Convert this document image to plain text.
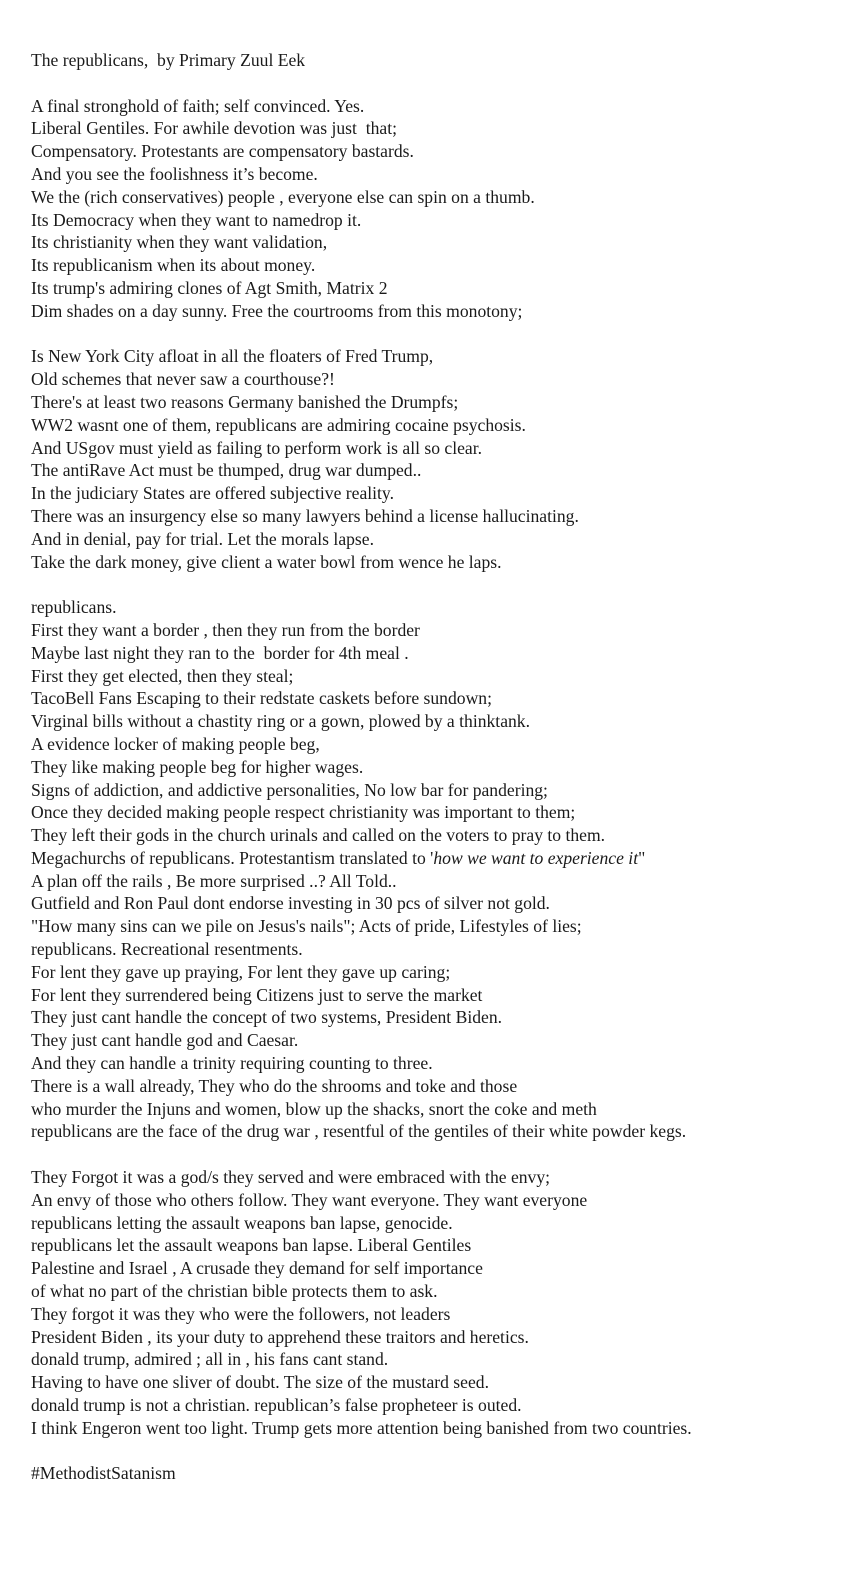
The republicans,  by Primary Zuul Eek
A final stronghold of faith; self convinced. Yes.
Liberal Gentiles. For awhile devotion was just  that;
Compensatory. Protestants are compensatory bastards.
And you see the foolishness it’s become.
We the (rich conservatives) people , everyone else can spin on a thumb.
Its Democracy when they want to namedrop it.
Its christianity when they want validation,
Its republicanism when its about money.
Its trump's admiring clones of Agt Smith, Matrix 2
Dim shades on a day sunny. Free the courtrooms from this monotony;
Is New York City afloat in all the floaters of Fred Trump,
Old schemes that never saw a courthouse?!
There's at least two reasons Germany banished the Drumpfs;
WW2 wasnt one of them, republicans are admiring cocaine psychosis.
And USgov must yield as failing to perform work is all so clear.
The antiRave Act must be thumped, drug war dumped..
In the judiciary States are offered subjective reality.
There was an insurgency else so many lawyers behind a license hallucinating.
And in denial, pay for trial. Let the morals lapse.
Take the dark money, give client a water bowl from wence he laps.
republicans.
First they want a border , then they run from the border
Maybe last night they ran to the  border for 4th meal .
First they get elected, then they steal;
TacoBell Fans Escaping to their redstate caskets before sundown;
Virginal bills without a chastity ring or a gown, plowed by a thinktank.
A evidence locker of making people beg,
They like making people beg for higher wages.
Signs of addiction, and addictive personalities, No low bar for pandering;
Once they decided making people respect christianity was important to them;
They left their gods in the church urinals and called on the voters to pray to them.
Megachurchs of republicans. Protestantism translated to 'how we want to experience it"
A plan off the rails , Be more surprised ..? All Told..
Gutfield and Ron Paul dont endorse investing in 30 pcs of silver not gold.
"How many sins can we pile on Jesus's nails"; Acts of pride, Lifestyles of lies;
republicans. Recreational resentments.
For lent they gave up praying, For lent they gave up caring;
For lent they surrendered being Citizens just to serve the market
They just cant handle the concept of two systems, President Biden.
They just cant handle god and Caesar.
And they can handle a trinity requiring counting to three.
There is a wall already, They who do the shrooms and toke and those
who murder the Injuns and women, blow up the shacks, snort the coke and meth
republicans are the face of the drug war , resentful of the gentiles of their white powder kegs.
They Forgot it was a god/s they served and were embraced with the envy;
An envy of those who others follow. They want everyone. They want everyone
republicans letting the assault weapons ban lapse, genocide.
republicans let the assault weapons ban lapse. Liberal Gentiles
Palestine and Israel , A crusade they demand for self importance
of what no part of the christian bible protects them to ask.
They forgot it was they who were the followers, not leaders
President Biden , its your duty to apprehend these traitors and heretics.
donald trump, admired ; all in , his fans cant stand.
Having to have one sliver of doubt. The size of the mustard seed.
donald trump is not a christian. republican’s false propheteer is outed.
I think Engeron went too light. Trump gets more attention being banished from two countries.
#MethodistSatanism
